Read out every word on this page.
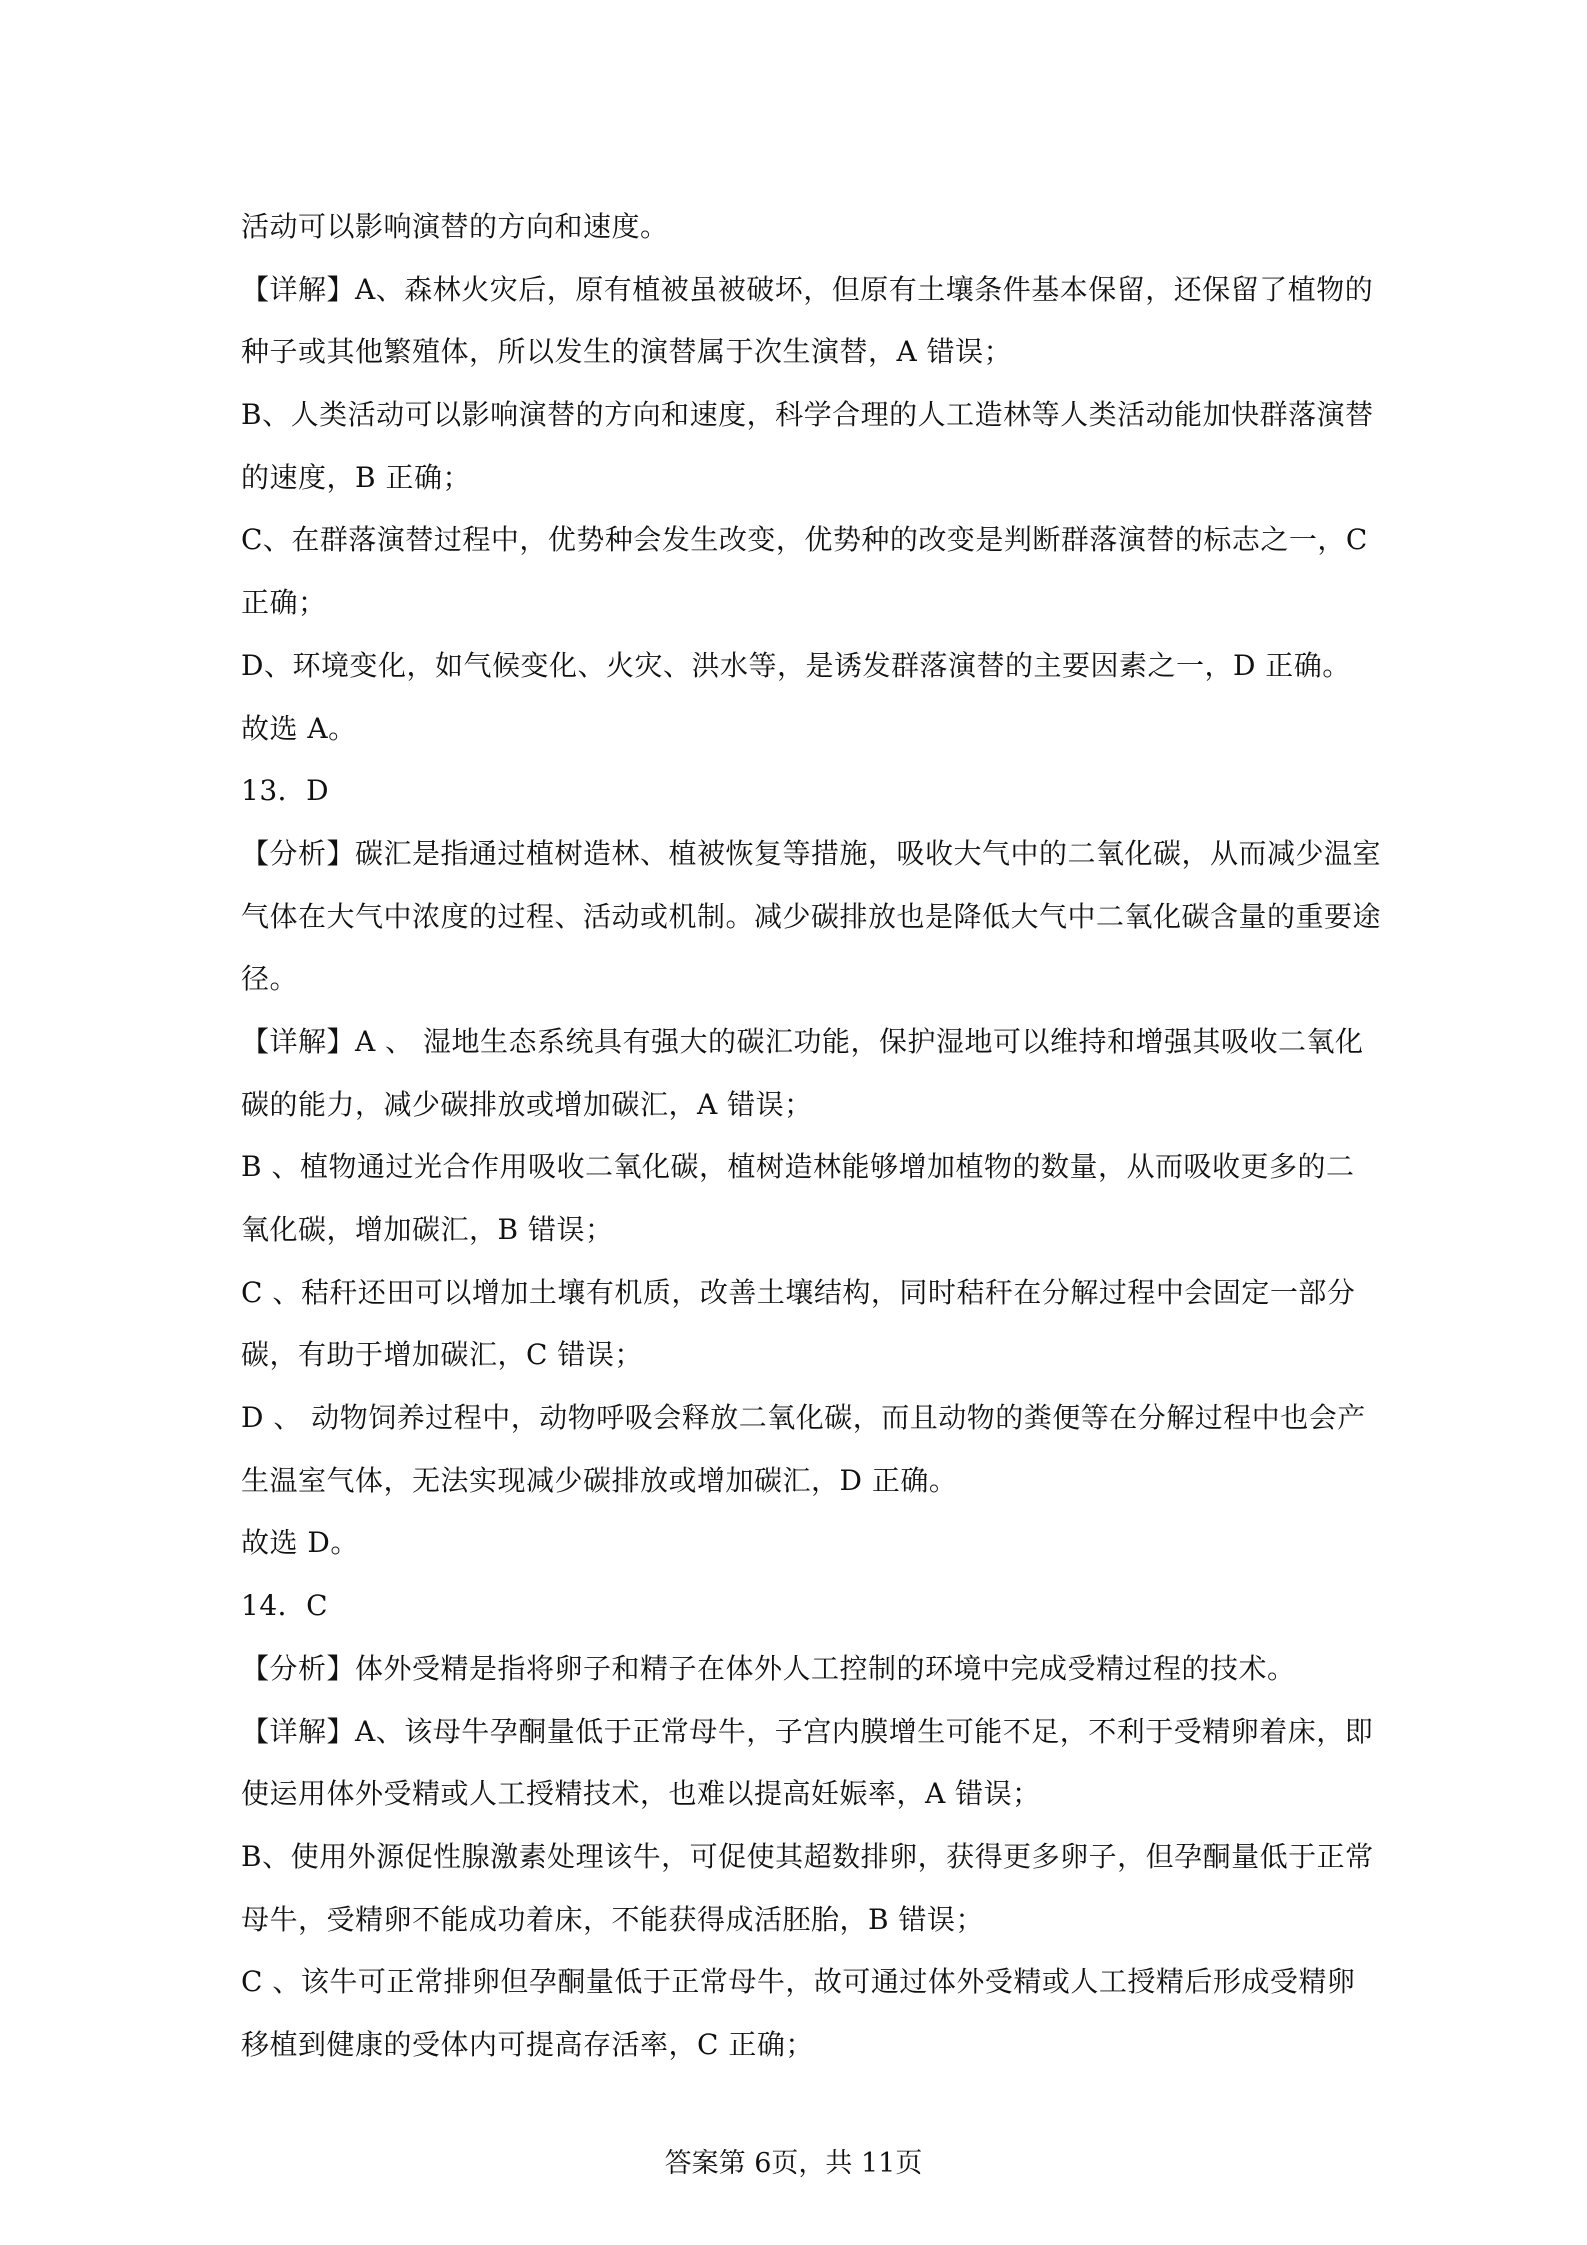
活动可以影响演替的方向和速度。
【详解】A、森林火灾后，原有植被虽被破坏，但原有土壤条件基本保留，还保留了植物的
种子或其他繁殖体，所以发生的演替属于次生演替，A 错误；
B、人类活动可以影响演替的方向和速度，科学合理的人工造林等人类活动能加快群落演替
的速度，B 正确；
C、在群落演替过程中，优势种会发生改变，优势种的改变是判断群落演替的标志之一，C
正确；
D、环境变化，如气候变化、火灾、洪水等，是诱发群落演替的主要因素之一，D 正确。
故选 A。
13．D
【分析】碳汇是指通过植树造林、植被恢复等措施，吸收大气中的二氧化碳，从而减少温室
气体在大气中浓度的过程、活动或机制。减少碳排放也是降低大气中二氧化碳含量的重要途
径。
【详解】A 、 湿地生态系统具有强大的碳汇功能，保护湿地可以维持和增强其吸收二氧化
碳的能力，减少碳排放或增加碳汇，A 错误；
B 、植物通过光合作用吸收二氧化碳，植树造林能够增加植物的数量，从而吸收更多的二
氧化碳，增加碳汇，B 错误；
C 、秸秆还田可以增加土壤有机质，改善土壤结构，同时秸秆在分解过程中会固定一部分
碳，有助于增加碳汇，C 错误；
D 、 动物饲养过程中，动物呼吸会释放二氧化碳，而且动物的粪便等在分解过程中也会产
生温室气体，无法实现减少碳排放或增加碳汇，D 正确。
故选 D。
14．C
【分析】体外受精是指将卵子和精子在体外人工控制的环境中完成受精过程的技术。
【详解】A、该母牛孕酮量低于正常母牛，子宫内膜增生可能不足，不利于受精卵着床，即
使运用体外受精或人工授精技术，也难以提高妊娠率，A 错误；
B、使用外源促性腺激素处理该牛，可促使其超数排卵，获得更多卵子，但孕酮量低于正常
母牛，受精卵不能成功着床，不能获得成活胚胎，B 错误；
C 、该牛可正常排卵但孕酮量低于正常母牛，故可通过体外受精或人工授精后形成受精卵
移植到健康的受体内可提高存活率，C 正确；
答案第 6页，共 11页
